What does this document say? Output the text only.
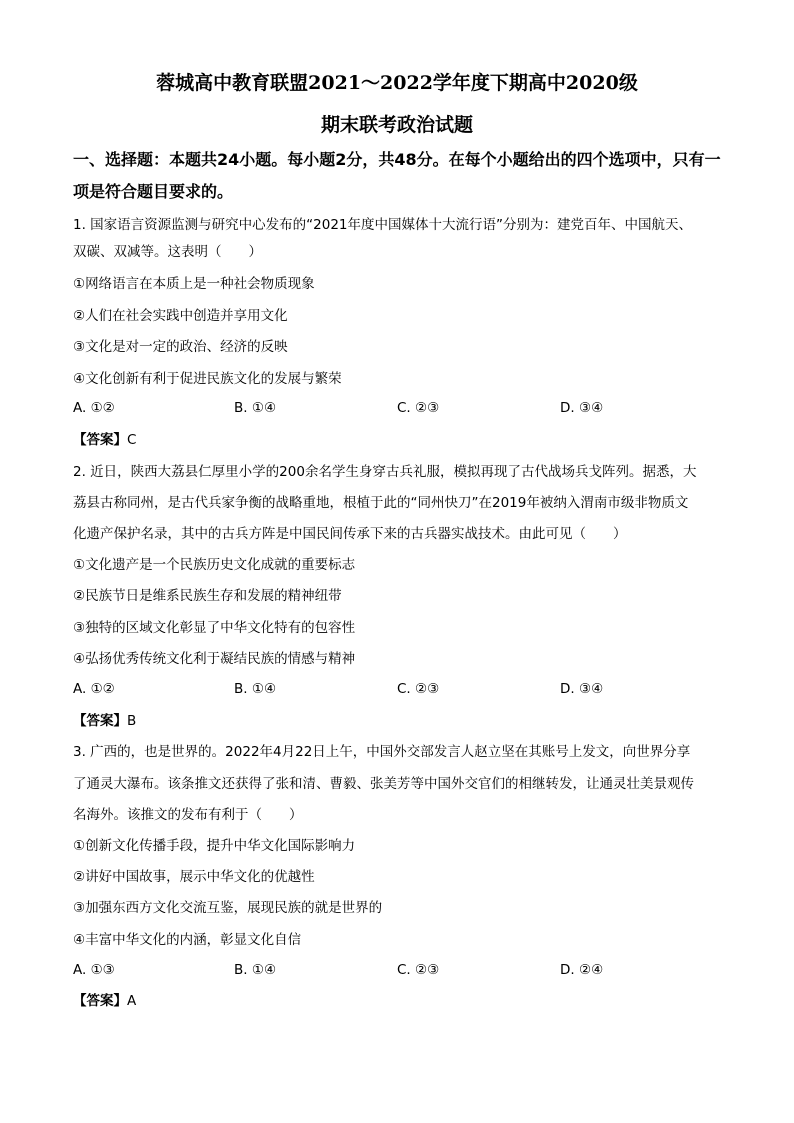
蓉城高中教育联盟2021～2022学年度下期高中2020级
期末联考政治试题
一、选择题：本题共24小题。每小题2分，共48分。在每个小题给出的四个选项中，只有一项是符合题目要求的。
1. 国家语言资源监测与研究中心发布的“2021年度中国媒体十大流行语”分别为：建党百年、中国航天、
双碳、双减等。这表明（　　）
①网络语言在本质上是一种社会物质现象
②人们在社会实践中创造并享用文化
③文化是对一定的政治、经济的反映
④文化创新有利于促进民族文化的发展与繁荣
A. ①②	B. ①④	C. ②③	D. ③④
【答案】C
2. 近日，陕西大荔县仁厚里小学的200余名学生身穿古兵礼服，模拟再现了古代战场兵戈阵列。据悉，大
荔县古称同州，是古代兵家争衡的战略重地，根植于此的“同州快刀”在2019年被纳入渭南市级非物质文
化遗产保护名录，其中的古兵方阵是中国民间传承下来的古兵器实战技术。由此可见（　　）
①文化遗产是一个民族历史文化成就的重要标志
②民族节日是维系民族生存和发展的精神纽带
③独特的区域文化彰显了中华文化特有的包容性
④弘扬优秀传统文化利于凝结民族的情感与精神
A. ①②	B. ①④	C. ②③	D. ③④
【答案】B
3. 广西的，也是世界的。2022年4月22日上午，中国外交部发言人赵立坚在其账号上发文，向世界分享
了通灵大瀑布。该条推文还获得了张和清、曹毅、张美芳等中国外交官们的相继转发，让通灵壮美景观传
名海外。该推文的发布有利于（　　）
①创新文化传播手段，提升中华文化国际影响力
②讲好中国故事，展示中华文化的优越性
③加强东西方文化交流互鉴，展现民族的就是世界的
④丰富中华文化的内涵，彰显文化自信
A. ①③	B. ①④	C. ②③	D. ②④
【答案】A
